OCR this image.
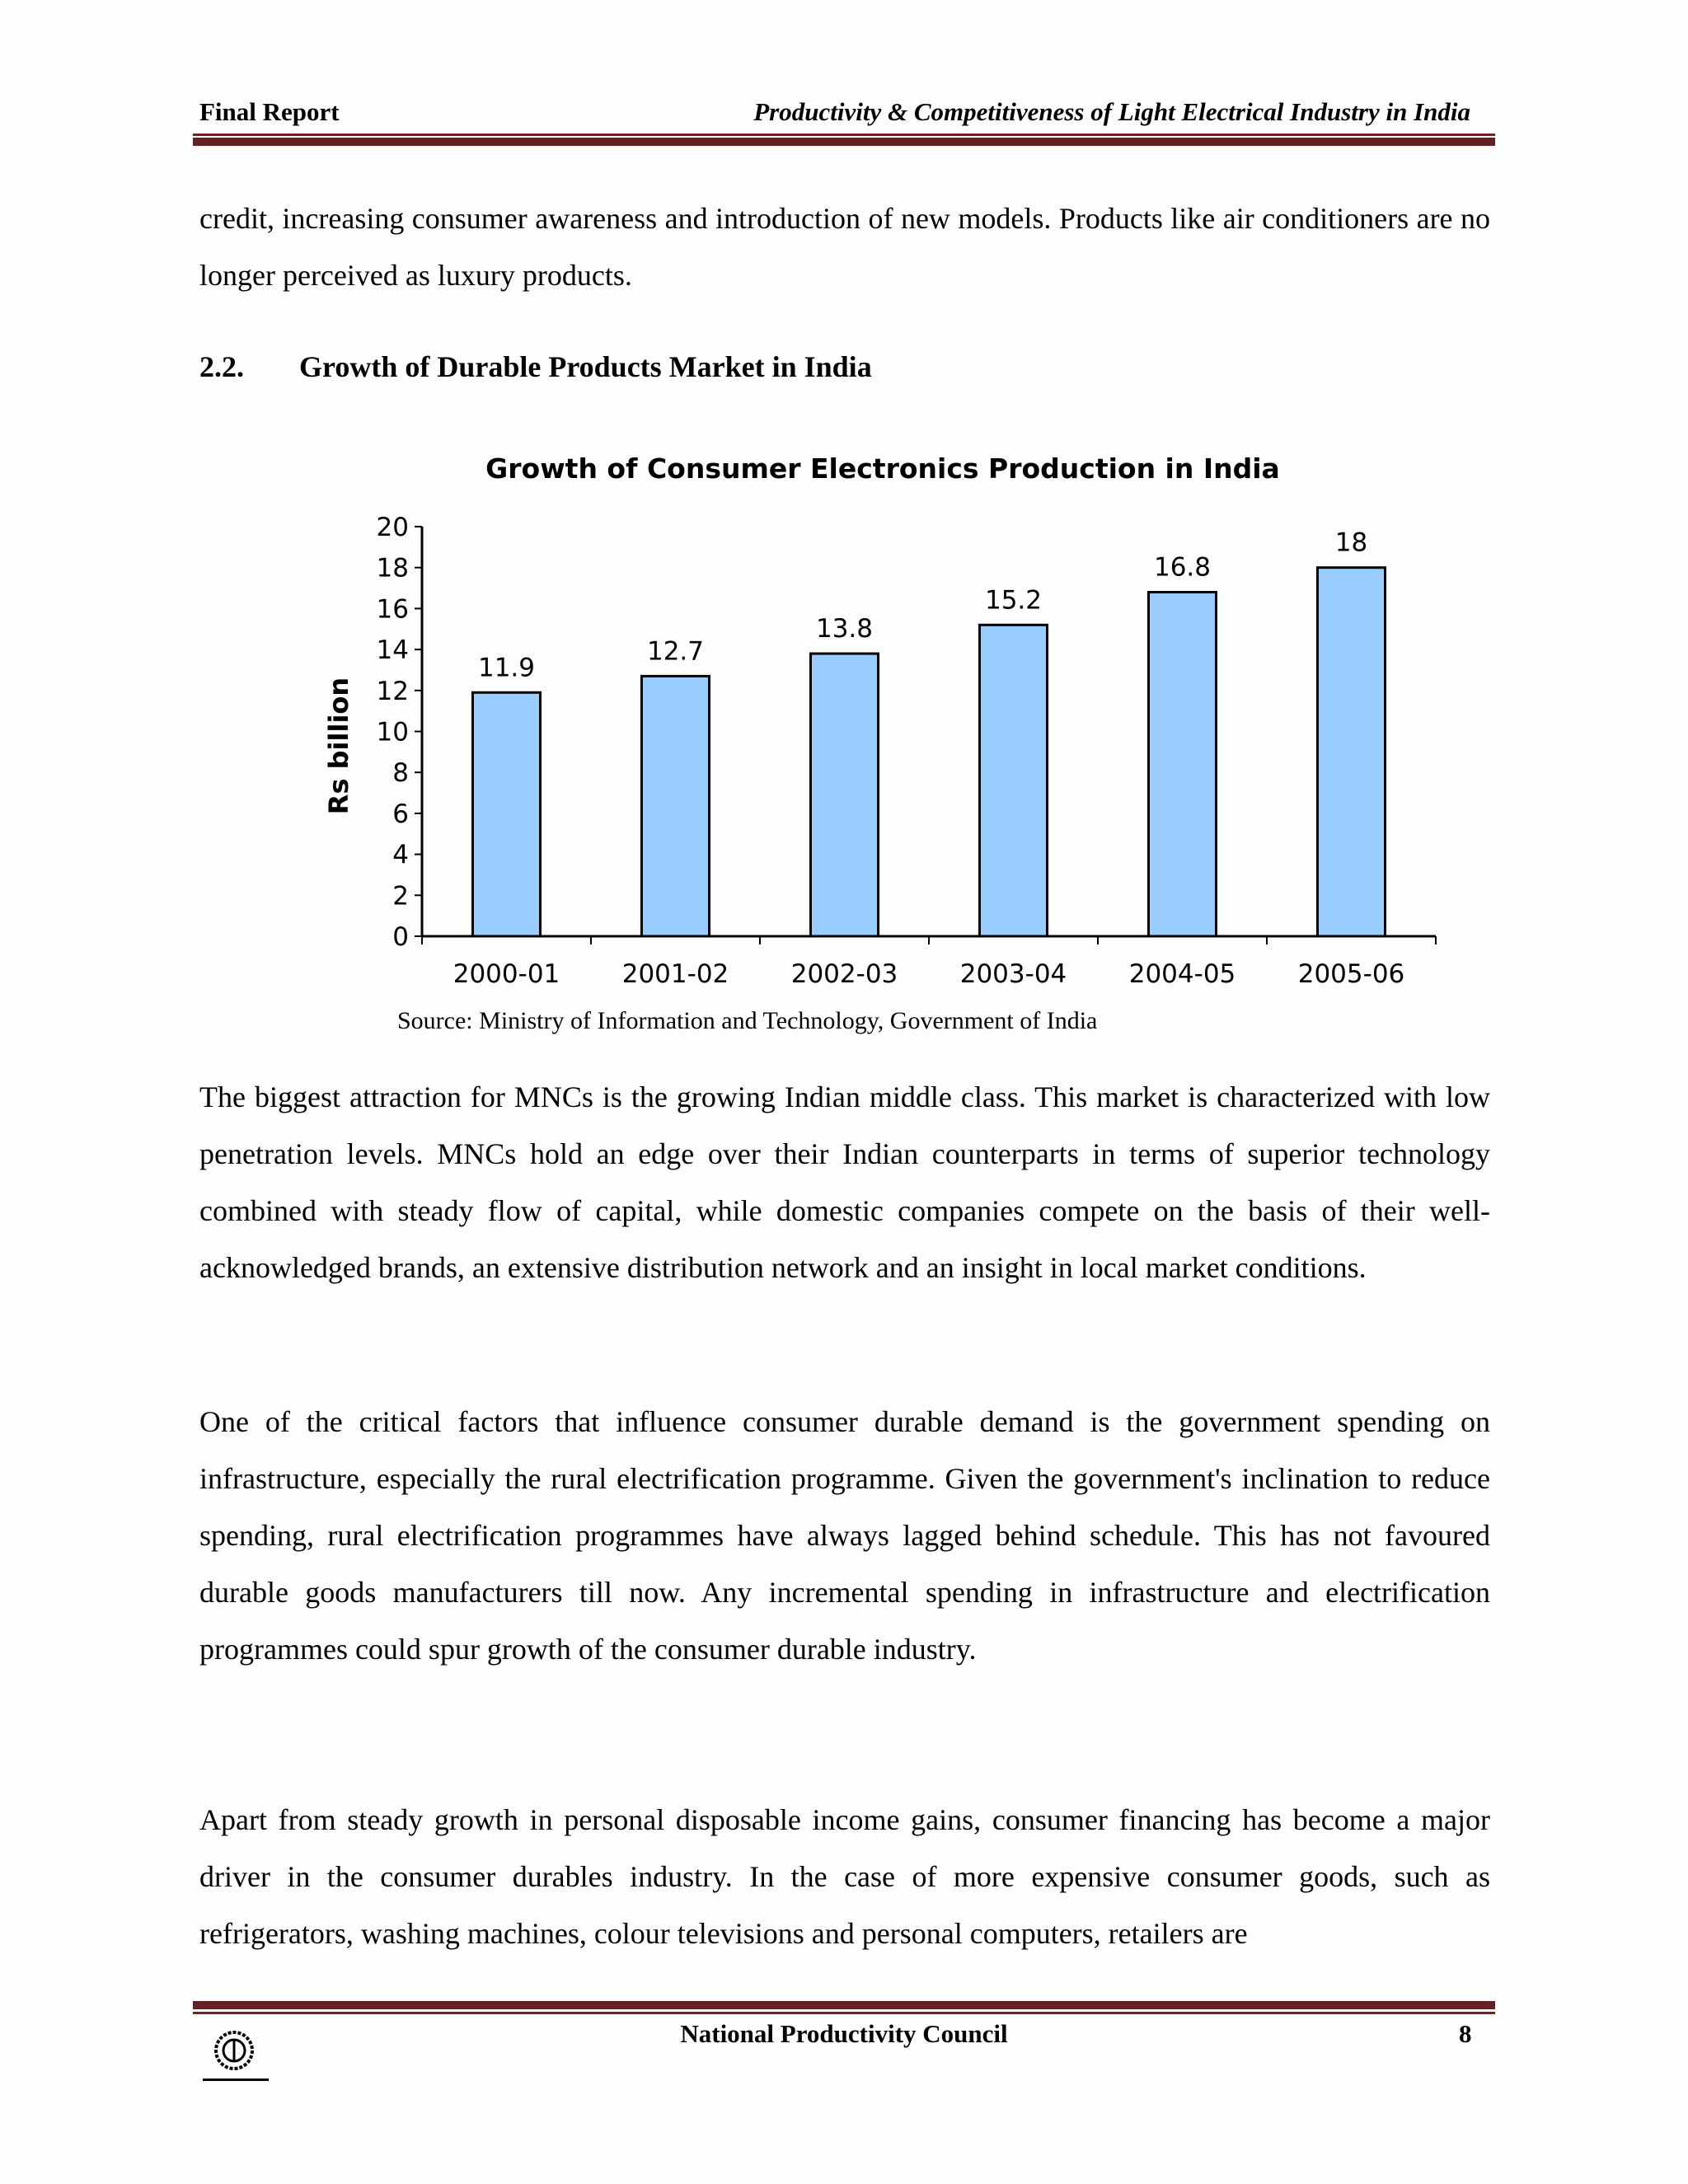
Final Report	Productivity & Competitiveness of Light Electrical Industry in India

credit, increasing consumer awareness and introduction of new models. Products like air conditioners are no longer perceived as luxury products.

2.2. Growth of Durable Products Market in India
Growth of Consumer Electronics Production in India
Rs billion
0
2
4
6
8
10
12
14
16
18
20
11.9
2000-01
12.7
2001-02
13.8
2002-03
15.2
2003-04
16.8
2004-05
18
2005-06
Source: Ministry of Information and Technology, Government of India

The biggest attraction for MNCs is the growing Indian middle class. This market is characterized with low penetration levels. MNCs hold an edge over their Indian counterparts in terms of superior technology combined with steady flow of capital, while domestic companies compete on the basis of their well-acknowledged brands, an extensive distribution network and an insight in local market conditions.

One of the critical factors that influence consumer durable demand is the government spending on infrastructure, especially the rural electrification programme. Given the government's inclination to reduce spending, rural electrification programmes have always lagged behind schedule. This has not favoured durable goods manufacturers till now. Any incremental spending in infrastructure and electrification programmes could spur growth of the consumer durable industry.

Apart from steady growth in personal disposable income gains, consumer financing has become a major driver in the consumer durables industry. In the case of more expensive consumer goods, such as refrigerators, washing machines, colour televisions and personal computers, retailers are

National Productivity Council	8
